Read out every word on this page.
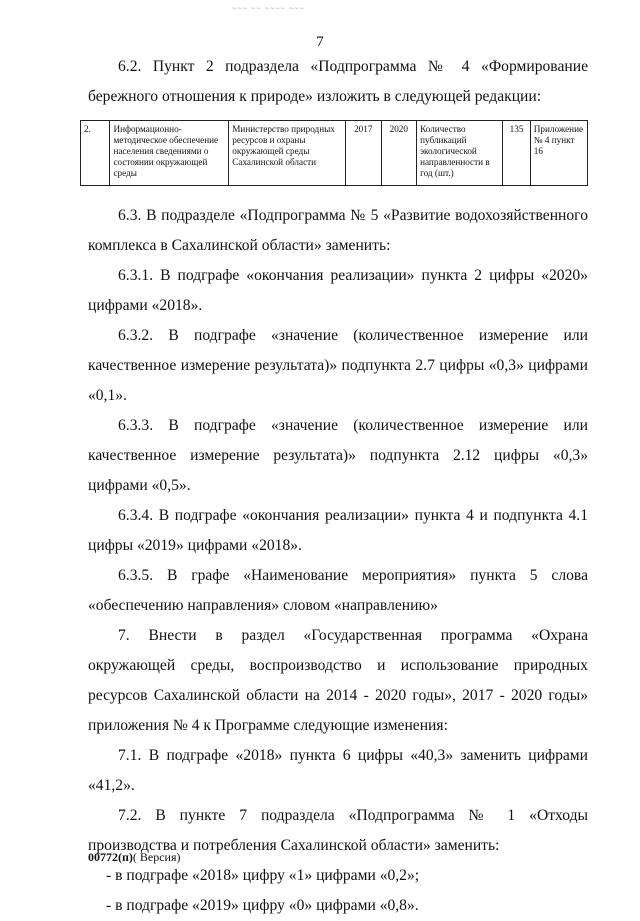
~~~ ~~ ~~~~ ~~~
7

6.2. Пункт 2 подраздела «Подпрограмма № 4 «Формирование бережного отношения к природе» изложить в следующей редакции:

2.	Информационно-методическое обеспечение населения сведениями о состоянии окружающей среды	Министерство природных ресурсов и охраны окружающей среды Сахалинской области	2017	2020	Количество публикаций экологической направленности в год (шт.)	135	Приложение № 4 пункт 16

6.3. В подразделе «Подпрограмма № 5 «Развитие водохозяйственного комплекса в Сахалинской области» заменить:

6.3.1. В подграфе «окончания реализации» пункта 2 цифры «2020» цифрами «2018».

6.3.2. В подграфе «значение (количественное измерение или качественное измерение результата)» подпункта 2.7 цифры «0,3» цифрами «0,1».

6.3.3. В подграфе «значение (количественное измерение или качественное измерение результата)» подпункта 2.12 цифры «0,3» цифрами «0,5».

6.3.4. В подграфе «окончания реализации» пункта 4 и подпункта 4.1 цифры «2019» цифрами «2018».

6.3.5. В графе «Наименование мероприятия» пункта 5 слова «обеспечению направления» словом «направлению»

7. Внести в раздел «Государственная программа «Охрана окружающей среды, воспроизводство и использование природных ресурсов Сахалинской области на 2014 - 2020 годы», 2017 - 2020 годы» приложения № 4 к Программе следующие изменения:

7.1. В подграфе «2018» пункта 6 цифры «40,3» заменить цифрами «41,2».

7.2. В пункте 7 подраздела «Подпрограмма № 1 «Отходы производства и потребления Сахалинской области» заменить:

- в подграфе «2018» цифру «1» цифрами «0,2»;

- в подграфе «2019» цифру «0» цифрами «0,8».

00772(п)( Версия)
